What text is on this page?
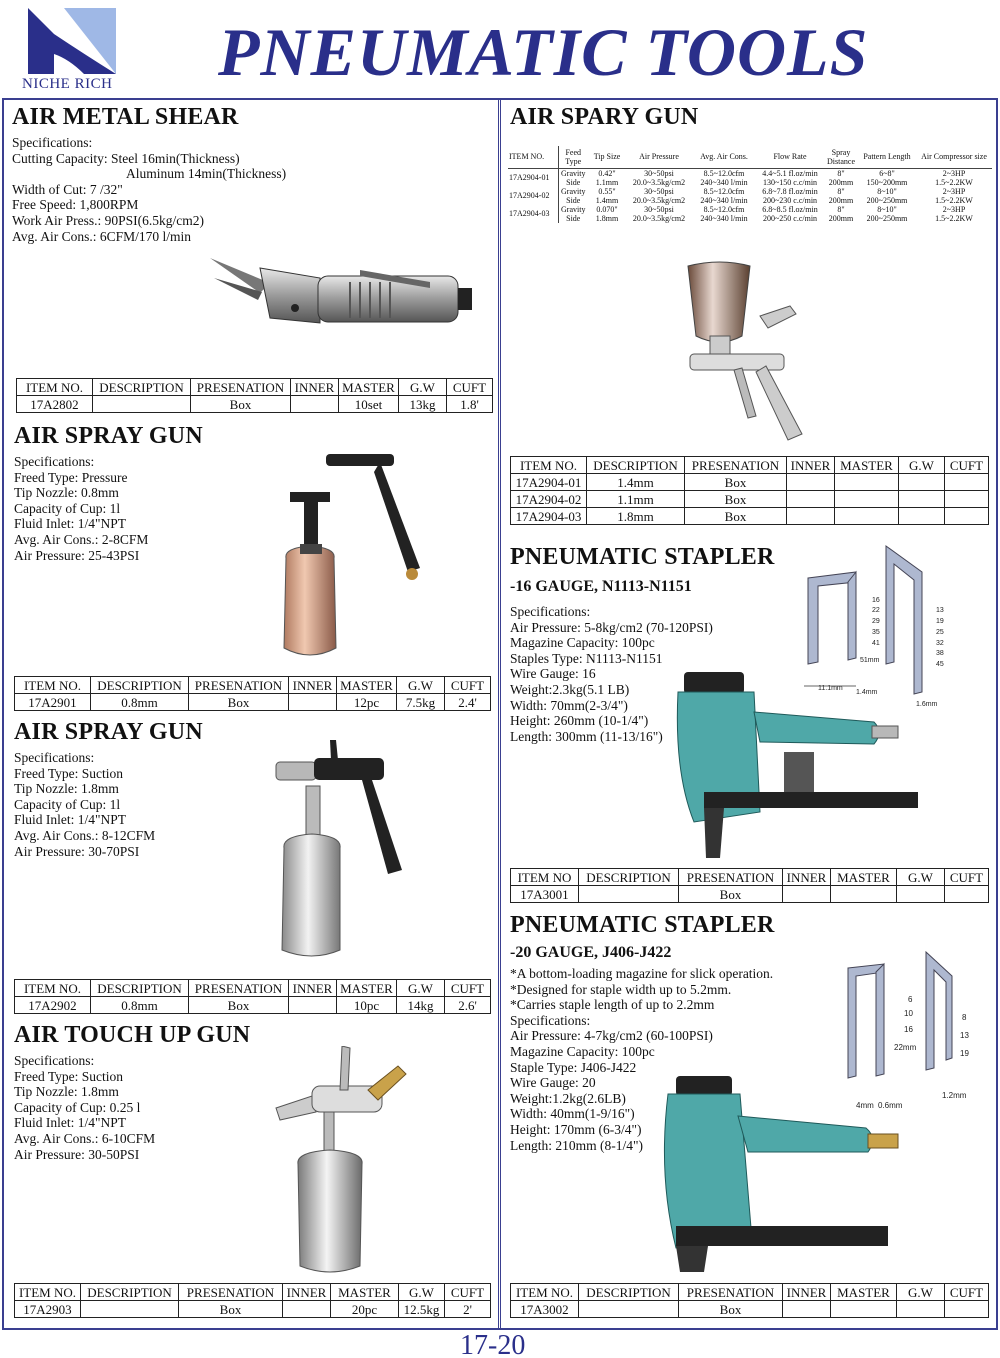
NICHE RICH PNEUMATIC TOOLS
AIR METAL SHEAR
Specifications:
Cutting Capacity: Steel 16min(Thickness)
Aluminum 14min(Thickness)
Width of Cut: 7 /32"
Free Speed: 1,800RPM
Work Air Press.: 90PSI(6.5kg/cm2)
Avg. Air Cons.: 6CFM/170 l/min
ITEM NO.	DESCRIPTION	PRESENATION	INNER	MASTER	G.W	CUFT
17A2802		Box		10set	13kg	1.8'
AIR SPRAY GUN
Specifications:
Freed Type: Pressure
Tip Nozzle: 0.8mm
Capacity of Cup: 1l
Fluid Inlet: 1/4"NPT
Avg. Air Cons.: 2-8CFM
Air Pressure: 25-43PSI
ITEM NO.	DESCRIPTION	PRESENATION	INNER	MASTER	G.W	CUFT
17A2901	0.8mm	Box		12pc	7.5kg	2.4'
AIR SPRAY GUN
Specifications:
Freed Type: Suction
Tip Nozzle: 1.8mm
Capacity of Cup: 1l
Fluid Inlet: 1/4"NPT
Avg. Air Cons.: 8-12CFM
Air Pressure: 30-70PSI
ITEM NO.	DESCRIPTION	PRESENATION	INNER	MASTER	G.W	CUFT
17A2902	0.8mm	Box		10pc	14kg	2.6'
AIR TOUCH UP GUN
Specifications:
Freed Type: Suction
Tip Nozzle: 1.8mm
Capacity of Cup: 0.25 l
Fluid Inlet: 1/4"NPT
Avg. Air Cons.: 6-10CFM
Air Pressure: 30-50PSI
ITEM NO.	DESCRIPTION	PRESENATION	INNER	MASTER	G.W	CUFT
17A2903		Box		20pc	12.5kg	2'
AIR SPARY GUN
ITEM NO.	Feed Type	Tip Size	Air Pressure	Avg. Air Cons.	Flow Rate	Spray Distance	Pattern Length	Air Compressor size
17A2904-01	Gravity	0.42"	30~50psi	8.5~12.0cfm	4.4~5.1 fl.oz/min	8"	6~8"	2~3HP
	Side	1.1mm	20.0~3.5kg/cm2	240~340 l/min	130~150 c.c/min	200mm	150~200mm	1.5~2.2KW
17A2904-02	Gravity	0.55"	30~50psi	8.5~12.0cfm	6.8~7.8 fl.oz/min	8"	8~10"	2~3HP
	Side	1.4mm	20.0~3.5kg/cm2	240~340 l/min	200~230 c.c/min	200mm	200~250mm	1.5~2.2KW
17A2904-03	Gravity	0.070"	30~50psi	8.5~12.0cfm	6.8~8.5 fl.oz/min	8"	8~10"	2~3HP
	Side	1.8mm	20.0~3.5kg/cm2	240~340 l/min	200~250 c.c/min	200mm	200~250mm	1.5~2.2KW
ITEM NO.	DESCRIPTION	PRESENATION	INNER	MASTER	G.W	CUFT
17A2904-01	1.4mm	Box				
17A2904-02	1.1mm	Box				
17A2904-03	1.8mm	Box				
PNEUMATIC STAPLER
-16 GAUGE, N1113-N1151
Specifications:
Air Pressure: 5-8kg/cm2 (70-120PSI)
Magazine Capacity: 100pc
Staples Type: N1113-N1151
Wire Gauge: 16
Weight:2.3kg(5.1 LB)
Width: 70mm(2-3/4")
Height: 260mm (10-1/4")
Length: 300mm (11-13/16")
16
22
29
35
41
13
19
25
32
38
45
51mm
11.1mm
1.4mm
1.6mm
ITEM NO	DESCRIPTION	PRESENATION	INNER	MASTER	G.W	CUFT
17A3001		Box				
PNEUMATIC STAPLER
-20 GAUGE, J406-J422
*A bottom-loading magazine for slick operation.
*Designed for staple width up to 5.2mm.
*Carries staple length of up to 2.2mm
Specifications:
Air Pressure: 4-7kg/cm2 (60-100PSI)
Magazine Capacity: 100pc
Staple Type: J406-J422
Wire Gauge: 20
Weight:1.2kg(2.6LB)
Width: 40mm(1-9/16")
Height: 170mm (6-3/4")
Length: 210mm (8-1/4")
6
10
16
8
13
19
22mm
4mm 0.6mm
1.2mm
ITEM NO.	DESCRIPTION	PRESENATION	INNER	MASTER	G.W	CUFT
17A3002		Box				
17-20
